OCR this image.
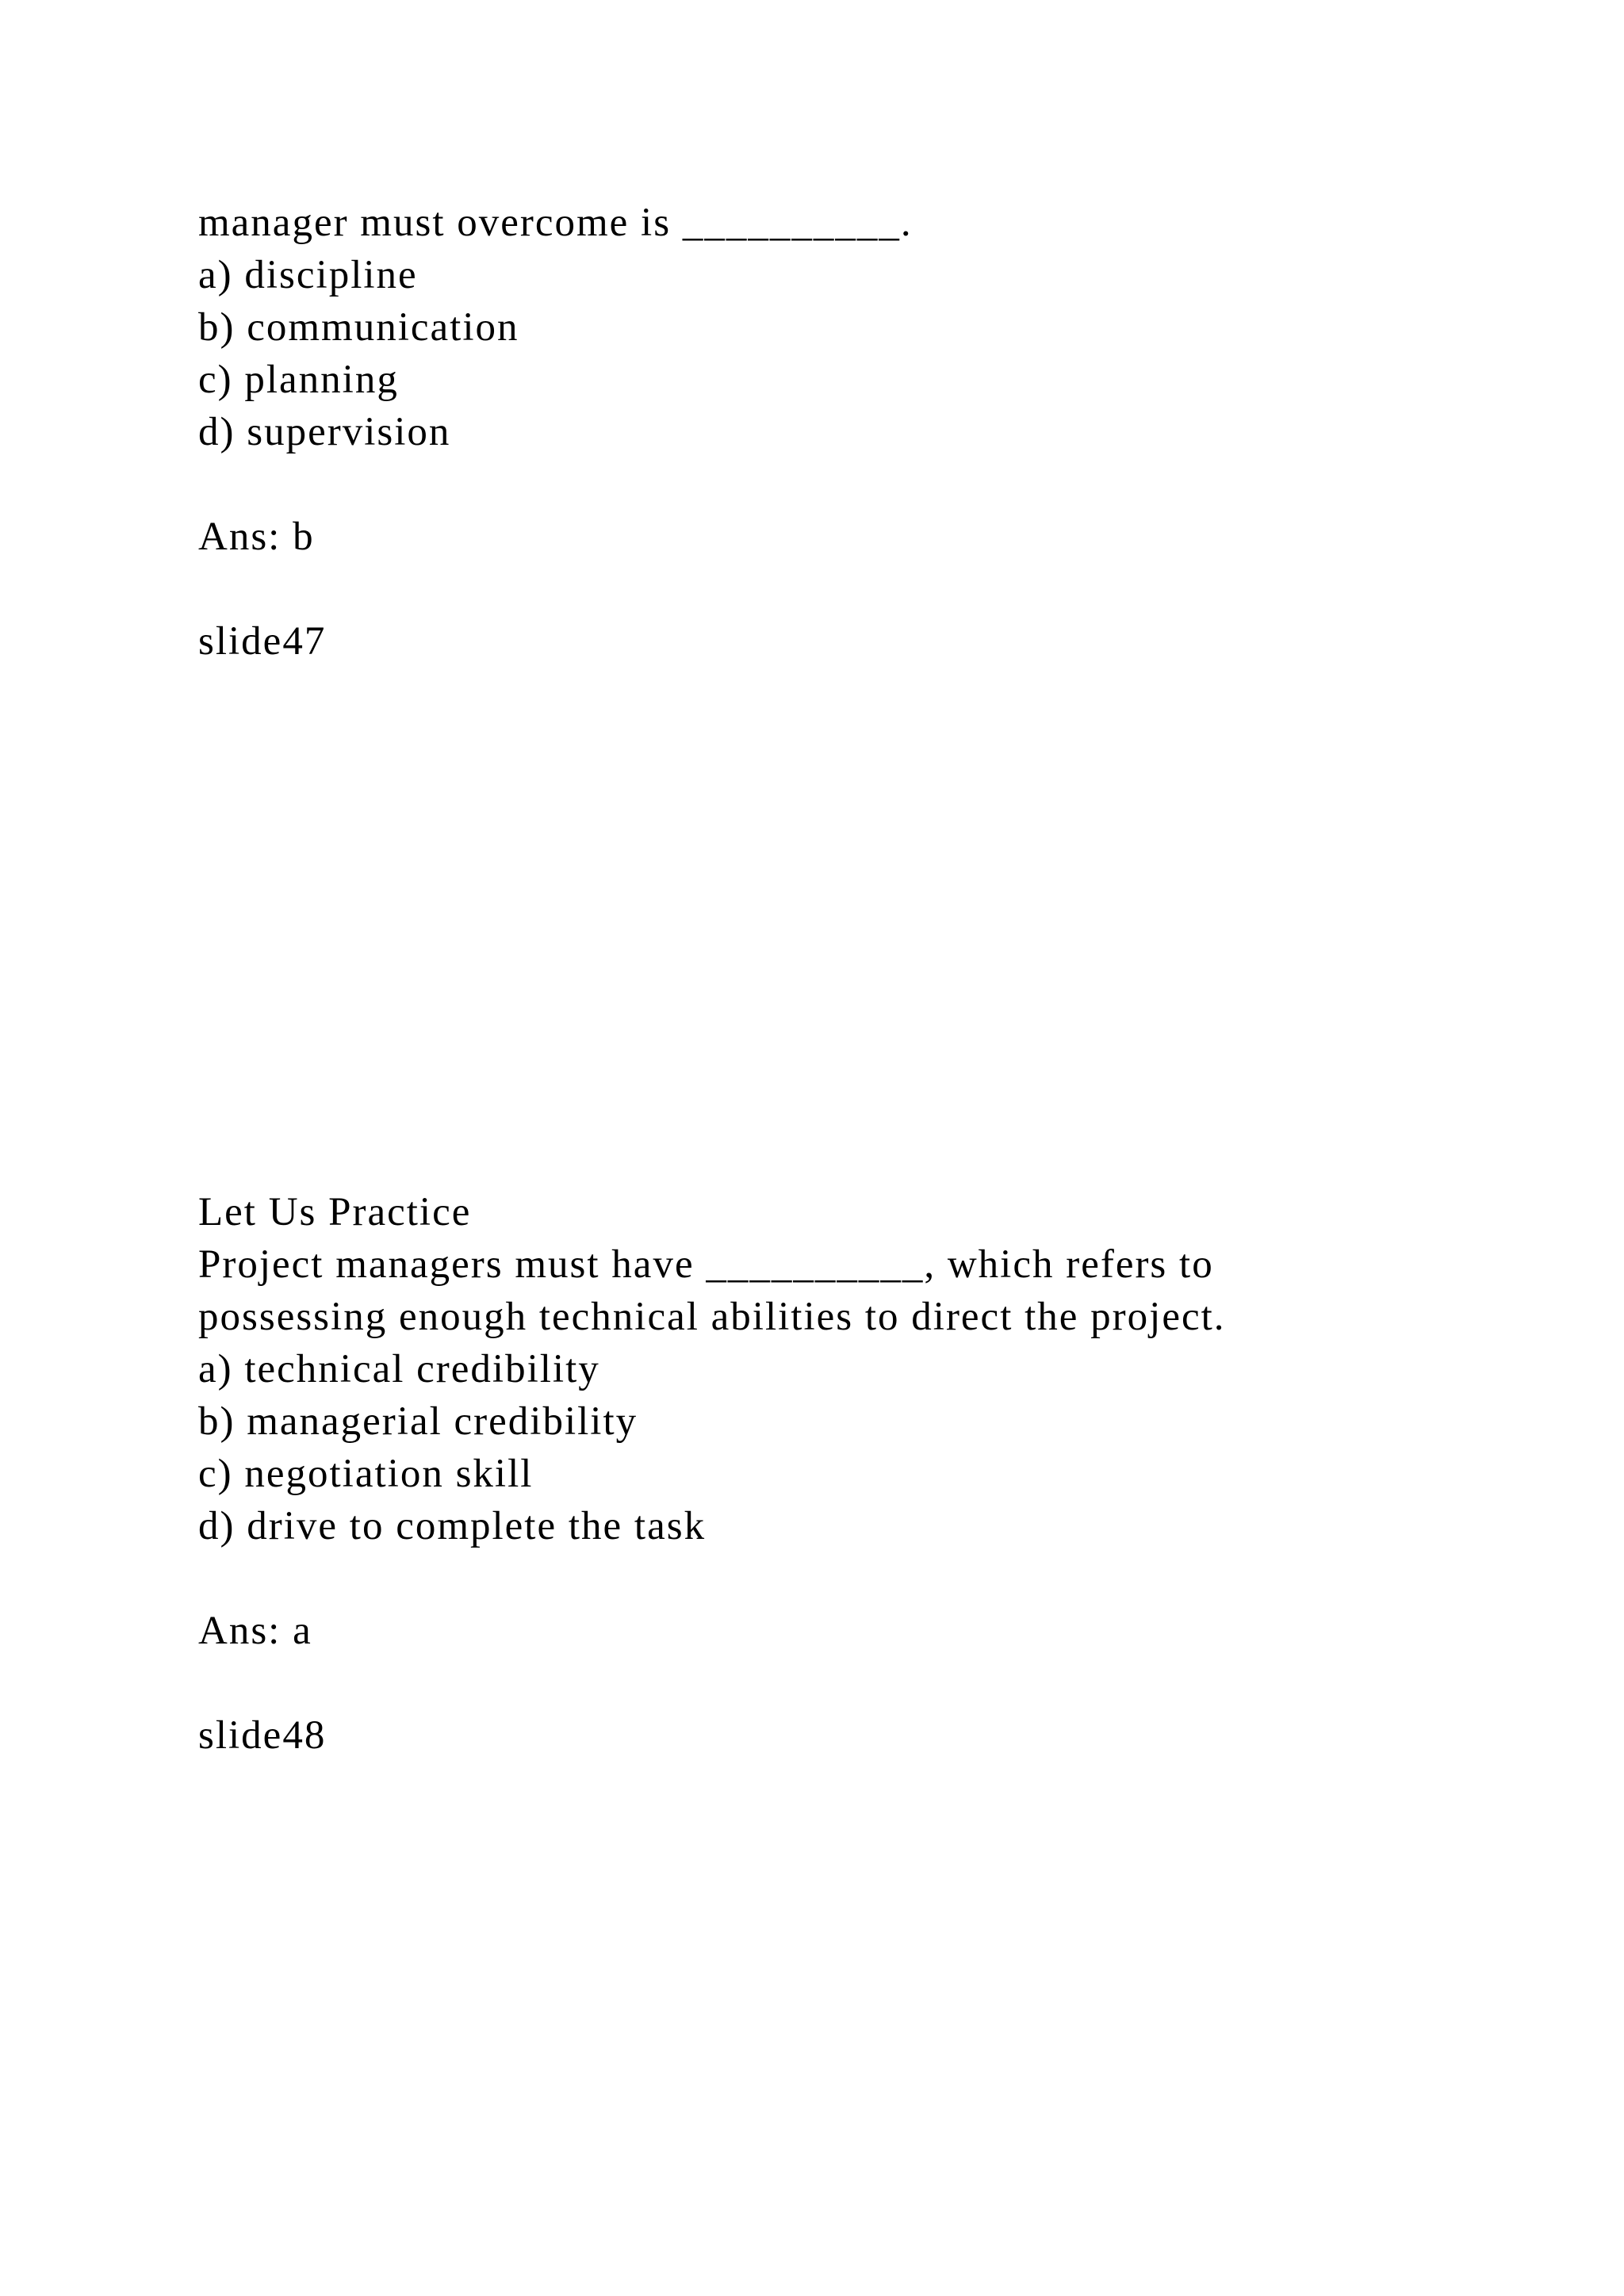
manager must overcome is __________.
a) discipline
b) communication
c) planning
d) supervision
Ans: b
slide47
Let Us Practice
Project managers must have __________, which refers to
possessing enough technical abilities to direct the project.
a) technical credibility
b) managerial credibility
c) negotiation skill
d) drive to complete the task
Ans: a
slide48
